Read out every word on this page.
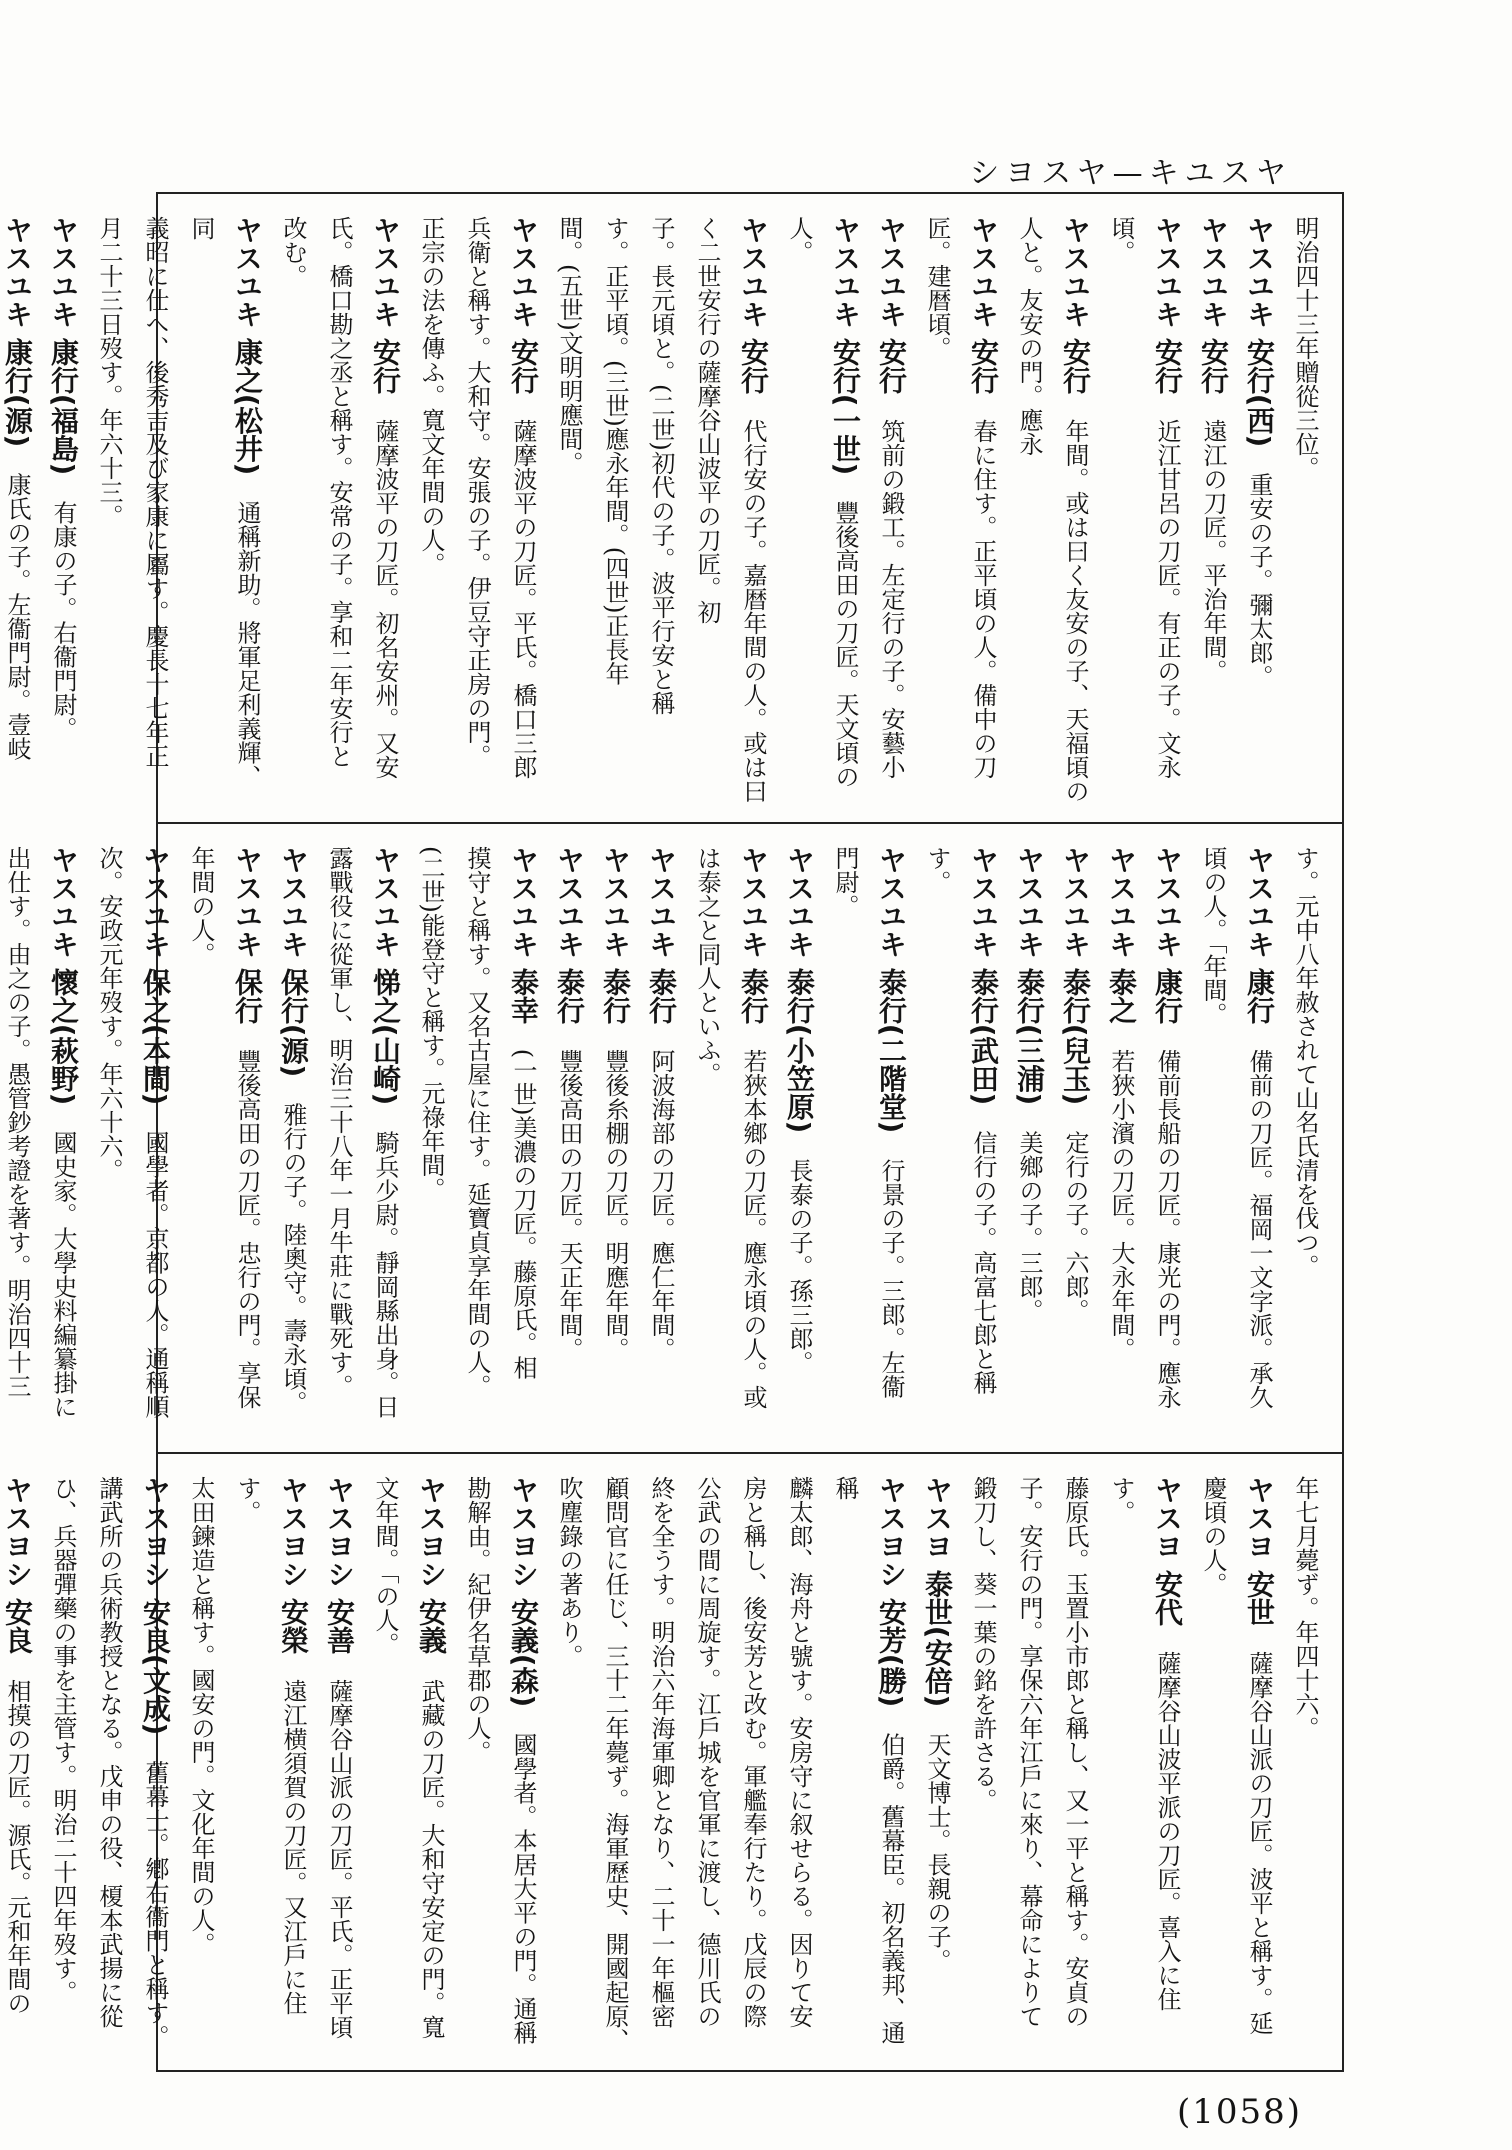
ヤスユキ—ヤスヨシ

明治四十三年贈從三位。

ヤスユキ 安行(西)　重安の子。彌太郎。

ヤスユキ 安行　遠江の刀匠。平治年間。

ヤスユキ 安行　近江甘呂の刀匠。有正の子。文永頃。

ヤスユキ 安行　年間。或は曰く友安の子、天福頃の人と。友安の門。應永

ヤスユキ 安行　春に住す。正平頃の人。備中の刀匠。建暦頃。

ヤスユキ 安行　筑前の鍛工。左定行の子。安藝小

ヤスユキ 安行(一世)　豐後高田の刀匠。天文頃の人。

ヤスユキ 安行　代行安の子。嘉暦年間の人。或は曰く二世安行の薩摩谷山波平の刀匠。初

子。長元頃と。(二世)初代の子。波平行安と稱

す。正平頃。(三世)應永年間。(四世)正長年

間。(五世)文明明應間。

ヤスユキ 安行　薩摩波平の刀匠。平氏。橋口三郎

兵衛と稱す。大和守。安張の子。伊豆守正房の門。

正宗の法を傳ふ。寬文年間の人。

ヤスユキ 安行　薩摩波平の刀匠。初名安州。又安

氏。橋口勘之丞と稱す。安常の子。享和二年安行と

改む。

ヤスユキ 康之(松井)　通稱新助。將軍足利義輝、同

義昭に仕へ、後秀吉及び家康に屬す。慶長十七年正

月二十三日歿す。年六十三。

ヤスユキ 康行(福島)　有康の子。右衞門尉。

ヤスユキ 康行(源)　康氏の子。左衞門尉。壹岐

す。元中八年赦されて山名氏清を伐つ。

ヤスユキ 康行　備前の刀匠。福岡一文字派。承久

頃の人。「年間。

ヤスユキ 康行　備前長船の刀匠。康光の門。應永

ヤスユキ 泰之　若狹小濱の刀匠。大永年間。

ヤスユキ 泰行(兒玉)　定行の子。六郎。

ヤスユキ 泰行(三浦)　美鄉の子。三郎。

ヤスユキ 泰行(武田)　信行の子。高富七郎と稱す。

ヤスユキ 泰行(二階堂)　行景の子。三郎。左衞

門尉。

ヤスユキ 泰行(小笠原)　長泰の子。孫三郎。

ヤスユキ 泰行　若狹本鄉の刀匠。應永頃の人。或

は泰之と同人といふ。

ヤスユキ 泰行　阿波海部の刀匠。應仁年間。

ヤスユキ 泰行　豐後糸棚の刀匠。明應年間。

ヤスユキ 泰行　豐後高田の刀匠。天正年間。

ヤスユキ 泰幸　(一世)美濃の刀匠。藤原氏。相

摸守と稱す。又名古屋に住す。延寶貞享年間の人。

(二世)能登守と稱す。元祿年間。

ヤスユキ 悌之(山崎)　騎兵少尉。靜岡縣出身。日

露戰役に從軍し、明治三十八年一月牛莊に戰死す。

ヤスユキ 保行(源)　雅行の子。陸奧守。壽永頃。

ヤスユキ 保行　豐後高田の刀匠。忠行の門。享保

年間の人。

ヤスユキ 保之(本間)　國學者。京都の人。通稱順

次。安政元年歿す。年六十六。

ヤスユキ 懷之(萩野)　國史家。大學史料編纂掛に

出仕す。由之の子。愚管鈔考證を著す。明治四十三

年七月薨ず。年四十六。

ヤスヨ 安世　薩摩谷山派の刀匠。波平と稱す。延

慶頃の人。

ヤスヨ 安代　薩摩谷山波平派の刀匠。喜入に住す。

藤原氏。玉置小市郎と稱し、又一平と稱す。安貞の

子。安行の門。享保六年江戶に來り、幕命によりて

鍛刀し、葵一葉の銘を許さる。

ヤスヨ 泰世(安倍)　天文博士。長親の子。

ヤスヨシ 安芳(勝)　伯爵。舊幕臣。初名義邦、通稱

麟太郎、海舟と號す。安房守に叙せらる。因りて安

房と稱し、後安芳と改む。軍艦奉行たり。戊辰の際

公武の間に周旋す。江戶城を官軍に渡し、德川氏の

終を全うす。明治六年海軍卿となり、二十一年樞密

顧問官に任じ、三十二年薨ず。海軍歷史、開國起原、

吹塵錄の著あり。

ヤスヨシ 安義(森)　國學者。本居大平の門。通稱

勘解由。紀伊名草郡の人。

ヤスヨシ 安義　武藏の刀匠。大和守安定の門。寬

文年間。「の人。

ヤスヨシ 安善　薩摩谷山派の刀匠。平氏。正平頃

ヤスヨシ 安榮　遠江横須賀の刀匠。又江戶に住す。

太田鍊造と稱す。國安の門。文化年間の人。

ヤスヨシ 安良(文成)　舊幕士。鄕右衞門と稱す。

講武所の兵術教授となる。戊申の役、榎本武揚に從

ひ、兵器彈藥の事を主管す。明治二十四年歿す。

ヤスヨシ 安良　相摸の刀匠。源氏。元和年間の

(1058)
